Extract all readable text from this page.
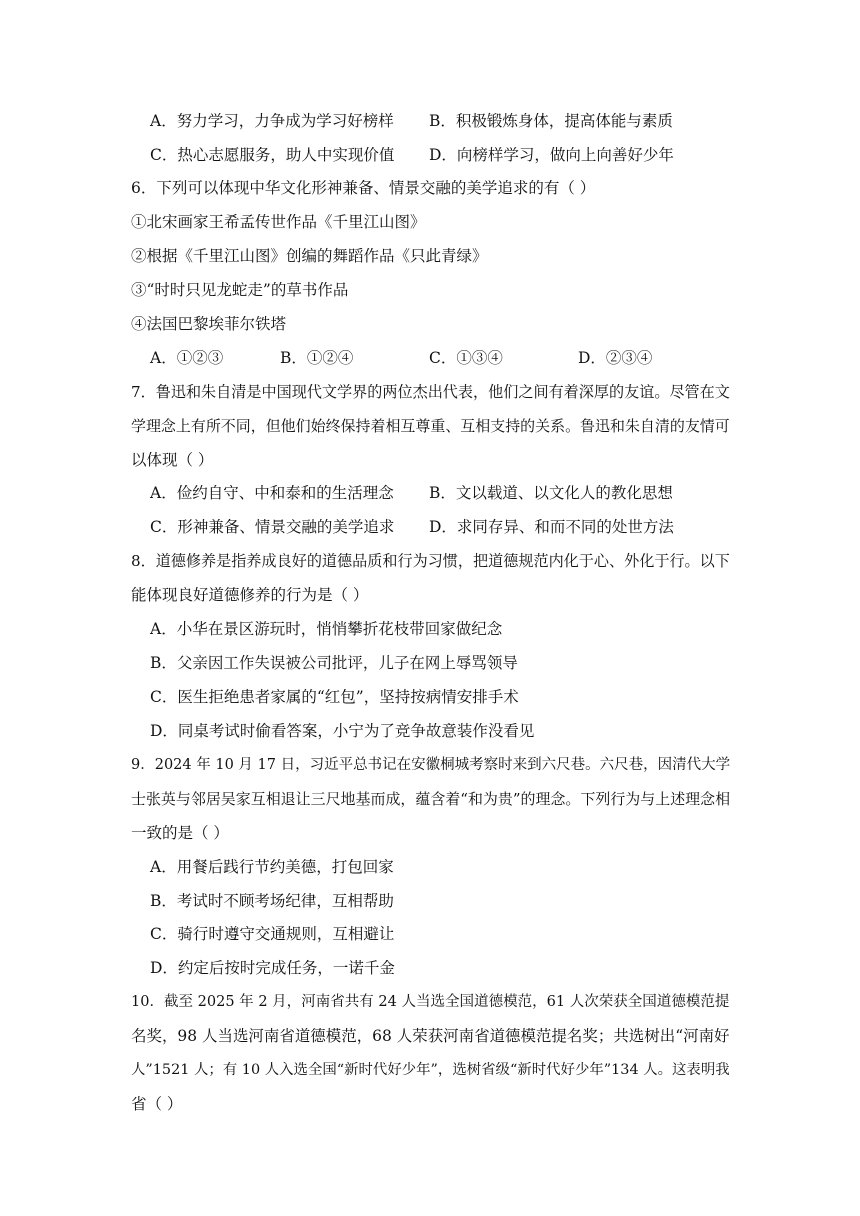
A．努力学习，力争成为学习好榜样 B．积极锻炼身体，提高体能与素质
C．热心志愿服务，助人中实现价值 D．向榜样学习，做向上向善好少年
6．下列可以体现中华文化形神兼备、情景交融的美学追求的有（ ）
①北宋画家王希孟传世作品《千里江山图》
②根据《千里江山图》创编的舞蹈作品《只此青绿》
③“时时只见龙蛇走”的草书作品
④法国巴黎埃菲尔铁塔
A．①②③	B．①②④	C．①③④	D．②③④
7．鲁迅和朱自清是中国现代文学界的两位杰出代表，他们之间有着深厚的友谊。尽管在文
学理念上有所不同，但他们始终保持着相互尊重、互相支持的关系。鲁迅和朱自清的友情可
以体现（ ）
A．俭约自守、中和泰和的生活理念 B．文以载道、以文化人的教化思想
C．形神兼备、情景交融的美学追求 D．求同存异、和而不同的处世方法
8．道德修养是指养成良好的道德品质和行为习惯，把道德规范内化于心、外化于行。以下
能体现良好道德修养的行为是（ ）
A．小华在景区游玩时，悄悄攀折花枝带回家做纪念
B．父亲因工作失误被公司批评，儿子在网上辱骂领导
C．医生拒绝患者家属的“红包”，坚持按病情安排手术
D．同桌考试时偷看答案，小宁为了竞争故意装作没看见
9．2024 年 10 月 17 日，习近平总书记在安徽桐城考察时来到六尺巷。六尺巷，因清代大学
士张英与邻居吴家互相退让三尺地基而成，蕴含着“和为贵”的理念。下列行为与上述理念相
一致的是（ ）
A．用餐后践行节约美德，打包回家
B．考试时不顾考场纪律，互相帮助
C．骑行时遵守交通规则，互相避让
D．约定后按时完成任务，一诺千金
10．截至 2025 年 2 月，河南省共有 24 人当选全国道德模范，61 人次荣获全国道德模范提
名奖，98 人当选河南省道德模范，68 人荣获河南省道德模范提名奖；共选树出“河南好
人”1521 人；有 10 人入选全国“新时代好少年”，选树省级“新时代好少年”134 人。这表明我
省（ ）
